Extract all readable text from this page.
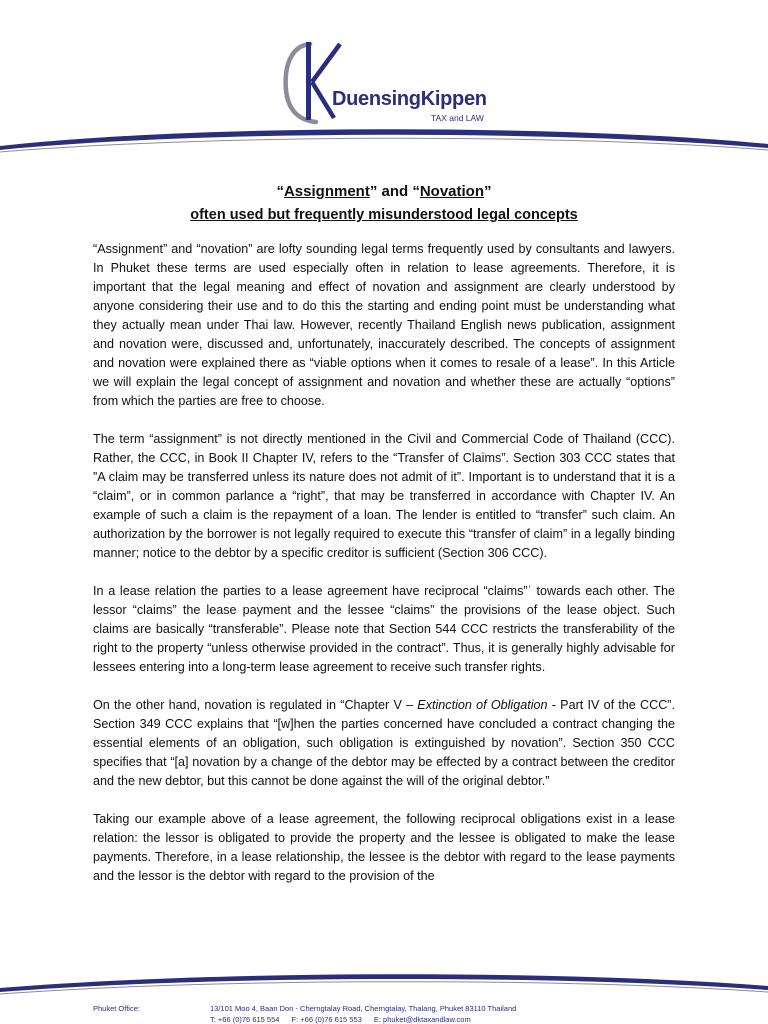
DuensingKippen
TAX and LAW
“Assignment” and “Novation”
often used but frequently misunderstood legal concepts

“Assignment” and “novation” are lofty sounding legal terms frequently used by consultants and lawyers. In Phuket these terms are used especially often in relation to lease agreements. Therefore, it is important that the legal meaning and effect of novation and assignment are clearly understood by anyone considering their use and to do this the starting and ending point must be understanding what they actually mean under Thai law. However, recently Thailand English news publication, assignment and novation were, discussed and, unfortunately, inaccurately described. The concepts of assignment and novation were explained there as “viable options when it comes to resale of a lease”. In this Article we will explain the legal concept of assignment and novation and whether these are actually “options” from which the parties are free to choose.

The term “assignment” is not directly mentioned in the Civil and Commercial Code of Thailand (CCC). Rather, the CCC, in Book II Chapter IV, refers to the “Transfer of Claims”. Section 303 CCC states that ”A claim may be transferred unless its nature does not admit of it”. Important is to understand that it is a “claim”, or in common parlance a “right”, that may be transferred in accordance with Chapter IV. An example of such a claim is the repayment of a loan. The lender is entitled to “transfer” such claim. An authorization by the borrower is not legally required to execute this “transfer of claim” in a legally binding manner; notice to the debtor by a specific creditor is sufficient (Section 306 CCC).

In a lease relation the parties to a lease agreement have reciprocal “claims”ˈ towards each other. The lessor “claims” the lease payment and the lessee “claims” the provisions of the lease object. Such claims are basically “transferable”. Please note that Section 544 CCC restricts the transferability of the right to the property “unless otherwise provided in the contract”. Thus, it is generally highly advisable for lessees entering into a long-term lease agreement to receive such transfer rights.

On the other hand, novation is regulated in “Chapter V – Extinction of Obligation - Part IV of the CCC”. Section 349 CCC explains that “[w]hen the parties concerned have concluded a contract changing the essential elements of an obligation, such obligation is extinguished by novation”. Section 350 CCC specifies that “[a] novation by a change of the debtor may be effected by a contract between the creditor and the new debtor, but this cannot be done against the will of the original debtor.”

Taking our example above of a lease agreement, the following reciprocal obligations exist in a lease relation: the lessor is obligated to provide the property and the lessee is obligated to make the lease payments. Therefore, in a lease relationship, the lessee is the debtor with regard to the lease payments and the lessor is the debtor with regard to the provision of the

Phuket Office:	13/101 Moo 4, Baan Don - Cherngtalay Road, Cherngtalay, Thalang, Phuket 83110 Thailand
T: +66 (0)76 615 554 F: +66 (0)76 615 553 E: phuket@dktaxandlaw.com
